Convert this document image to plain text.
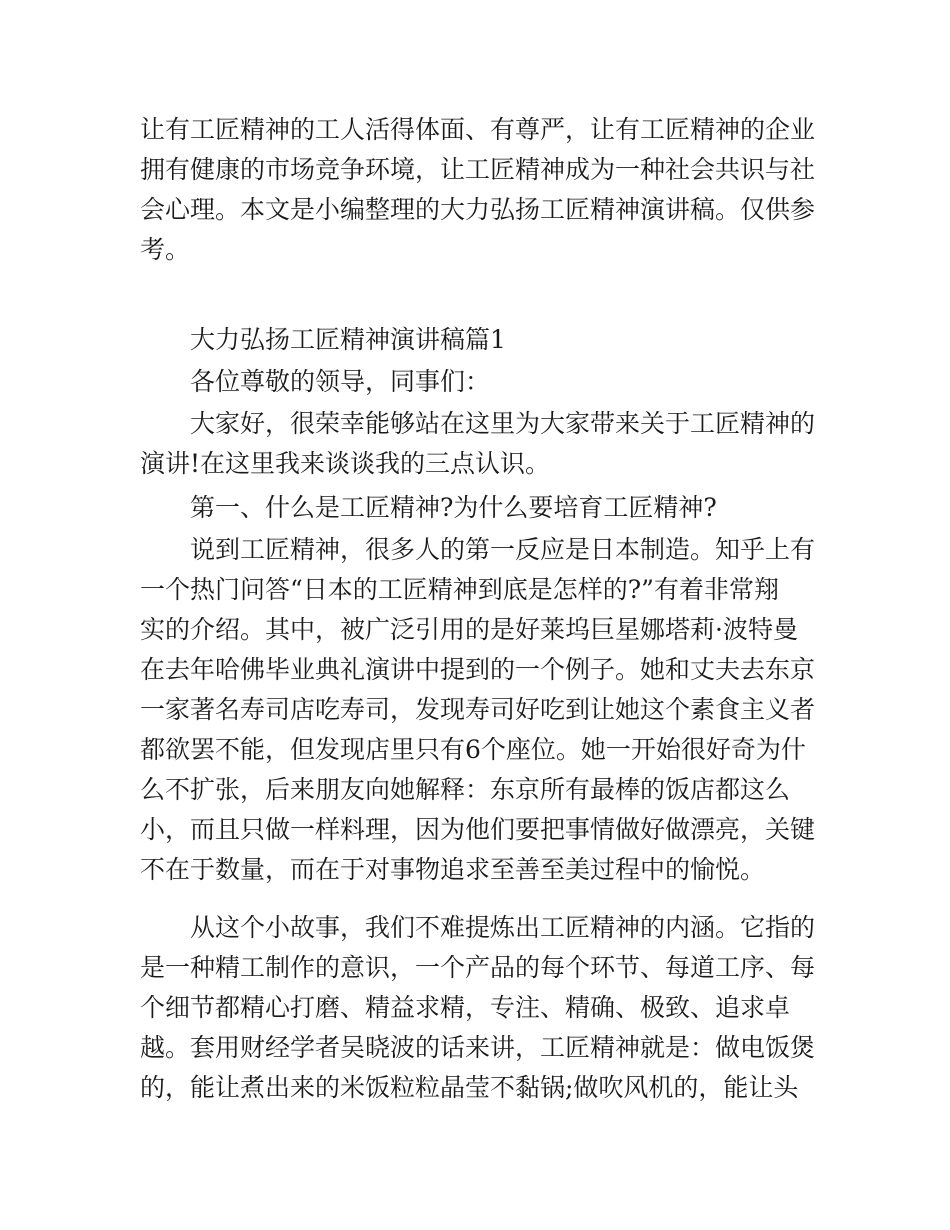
让有工匠精神的工人活得体面、有尊严，让有工匠精神的企业
拥有健康的市场竞争环境，让工匠精神成为一种社会共识与社
会心理。本文是小编整理的大力弘扬工匠精神演讲稿。仅供参
考。
大力弘扬工匠精神演讲稿篇1
各位尊敬的领导，同事们：
大家好，很荣幸能够站在这里为大家带来关于工匠精神的
演讲!在这里我来谈谈我的三点认识。
第一、什么是工匠精神?为什么要培育工匠精神?
说到工匠精神，很多人的第一反应是日本制造。知乎上有
一个热门问答“日本的工匠精神到底是怎样的?”有着非常翔
实的介绍。其中，被广泛引用的是好莱坞巨星娜塔莉·波特曼
在去年哈佛毕业典礼演讲中提到的一个例子。她和丈夫去东京
一家著名寿司店吃寿司，发现寿司好吃到让她这个素食主义者
都欲罢不能，但发现店里只有6个座位。她一开始很好奇为什
么不扩张，后来朋友向她解释：东京所有最棒的饭店都这么
小，而且只做一样料理，因为他们要把事情做好做漂亮，关键
不在于数量，而在于对事物追求至善至美过程中的愉悦。
从这个小故事，我们不难提炼出工匠精神的内涵。它指的
是一种精工制作的意识，一个产品的每个环节、每道工序、每
个细节都精心打磨、精益求精，专注、精确、极致、追求卓
越。套用财经学者吴晓波的话来讲，工匠精神就是：做电饭煲
的，能让煮出来的米饭粒粒晶莹不黏锅;做吹风机的，能让头
